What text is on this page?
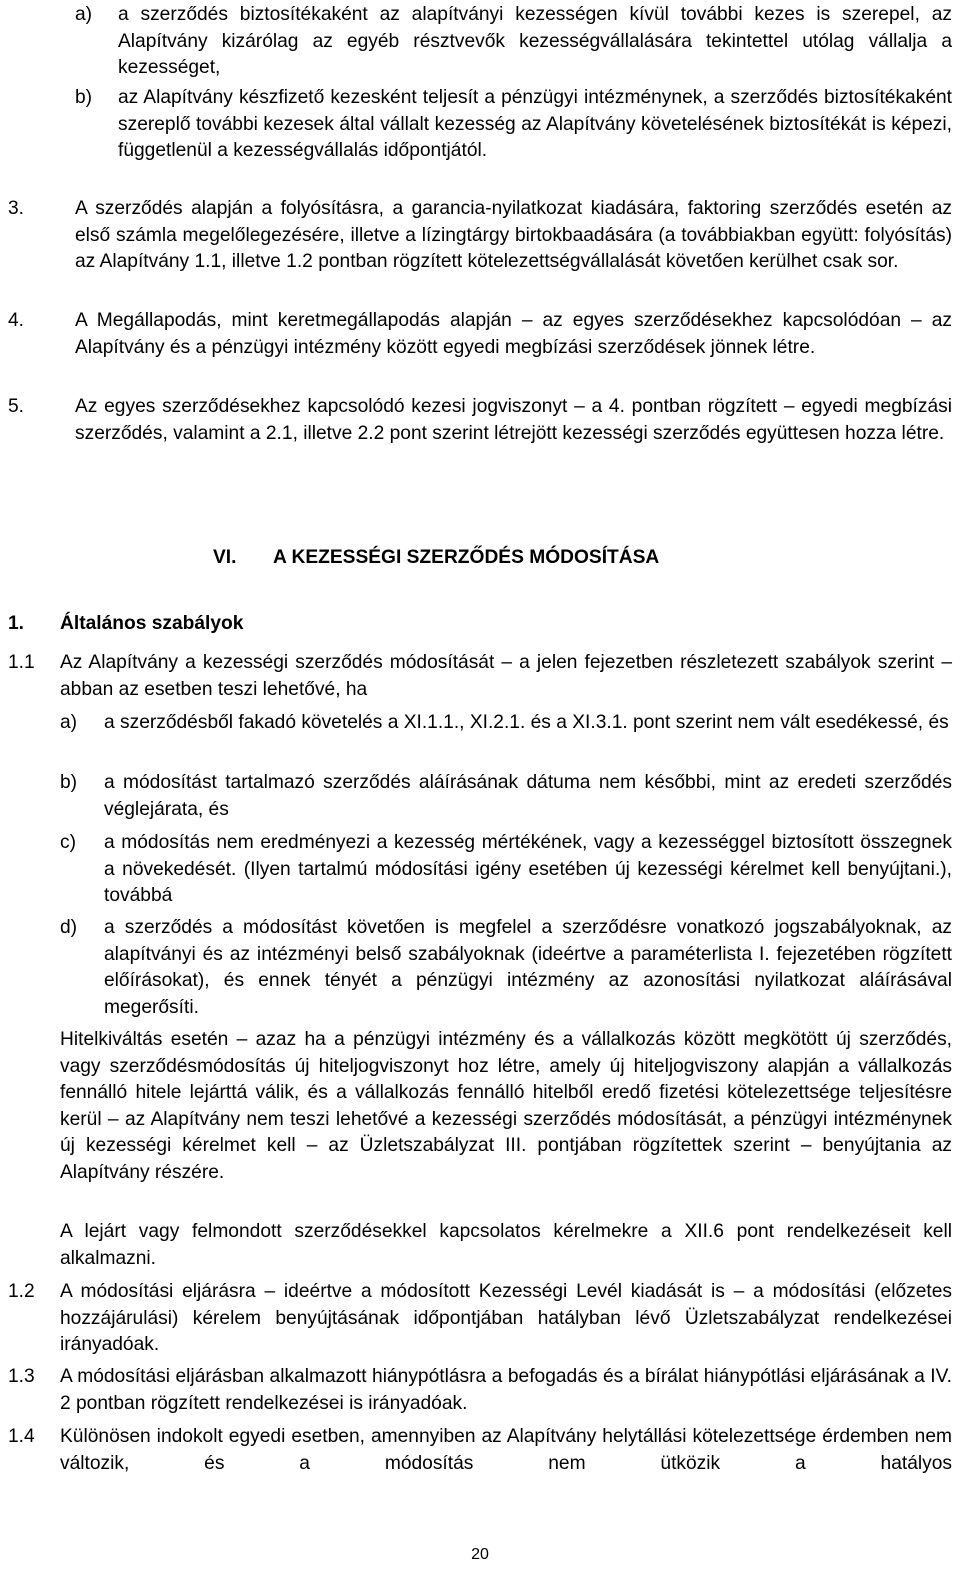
a) a szerződés biztosítékaként az alapítványi kezességen kívül további kezes is szerepel, az Alapítvány kizárólag az egyéb résztvevők kezességvállalására tekintettel utólag vállalja a kezességet,

b) az Alapítvány készfizető kezesként teljesít a pénzügyi intézménynek, a szerződés biztosítékaként szereplő további kezesek által vállalt kezesség az Alapítvány követelésének biztosítékát is képezi, függetlenül a kezességvállalás időpontjától.

3.	A szerződés alapján a folyósításra, a garancia-nyilatkozat kiadására, faktoring szerződés esetén az első számla megelőlegezésére, illetve a lízingtárgy birtokbaadására (a továbbiakban együtt: folyósítás) az Alapítvány 1.1, illetve 1.2 pontban rögzített kötelezettségvállalását követően kerülhet csak sor.

4.	A Megállapodás, mint keretmegállapodás alapján – az egyes szerződésekhez kapcsolódóan – az Alapítvány és a pénzügyi intézmény között egyedi megbízási szerződések jönnek létre.

5.	Az egyes szerződésekhez kapcsolódó kezesi jogviszonyt – a 4. pontban rögzített – egyedi megbízási szerződés, valamint a 2.1, illetve 2.2 pont szerint létrejött kezességi szerződés együttesen hozza létre.

VI. A KEZESSÉGI SZERZŐDÉS MÓDOSÍTÁSA
1. Általános szabályok
1.1 Az Alapítvány a kezességi szerződés módosítását – a jelen fejezetben részletezett szabályok szerint – abban az esetben teszi lehetővé, ha

a) a szerződésből fakadó követelés a XI.1.1., XI.2.1. és a XI.3.1. pont szerint nem vált esedékessé, és

b) a módosítást tartalmazó szerződés aláírásának dátuma nem későbbi, mint az eredeti szerződés véglejárata, és

c) a módosítás nem eredményezi a kezesség mértékének, vagy a kezességgel biztosított összegnek a növekedését. (Ilyen tartalmú módosítási igény esetében új kezességi kérelmet kell benyújtani.), továbbá

d) a szerződés a módosítást követően is megfelel a szerződésre vonatkozó jogszabályoknak, az alapítványi és az intézményi belső szabályoknak (ideértve a paraméterlista I. fejezetében rögzített előírásokat), és ennek tényét a pénzügyi intézmény az azonosítási nyilatkozat aláírásával megerősíti.

Hitelkiváltás esetén – azaz ha a pénzügyi intézmény és a vállalkozás között megkötött új szerződés, vagy szerződésmódosítás új hiteljogviszonyt hoz létre, amely új hiteljogviszony alapján a vállalkozás fennálló hitele lejárttá válik, és a vállalkozás fennálló hitelből eredő fizetési kötelezettsége teljesítésre kerül – az Alapítvány nem teszi lehetővé a kezességi szerződés módosítását, a pénzügyi intézménynek új kezességi kérelmet kell – az Üzletszabályzat III. pontjában rögzítettek szerint – benyújtania az Alapítvány részére.

A lejárt vagy felmondott szerződésekkel kapcsolatos kérelmekre a XII.6 pont rendelkezéseit kell alkalmazni.

1.2 A módosítási eljárásra – ideértve a módosított Kezességi Levél kiadását is – a módosítási (előzetes hozzájárulási) kérelem benyújtásának időpontjában hatályban lévő Üzletszabályzat rendelkezései irányadóak.

1.3 A módosítási eljárásban alkalmazott hiánypótlásra a befogadás és a bírálat hiánypótlási eljárásának a IV. 2 pontban rögzített rendelkezései is irányadóak.

1.4 Különösen indokolt egyedi esetben, amennyiben az Alapítvány helytállási kötelezettsége érdemben nem változik, és a módosítás nem ütközik a hatályos

20
